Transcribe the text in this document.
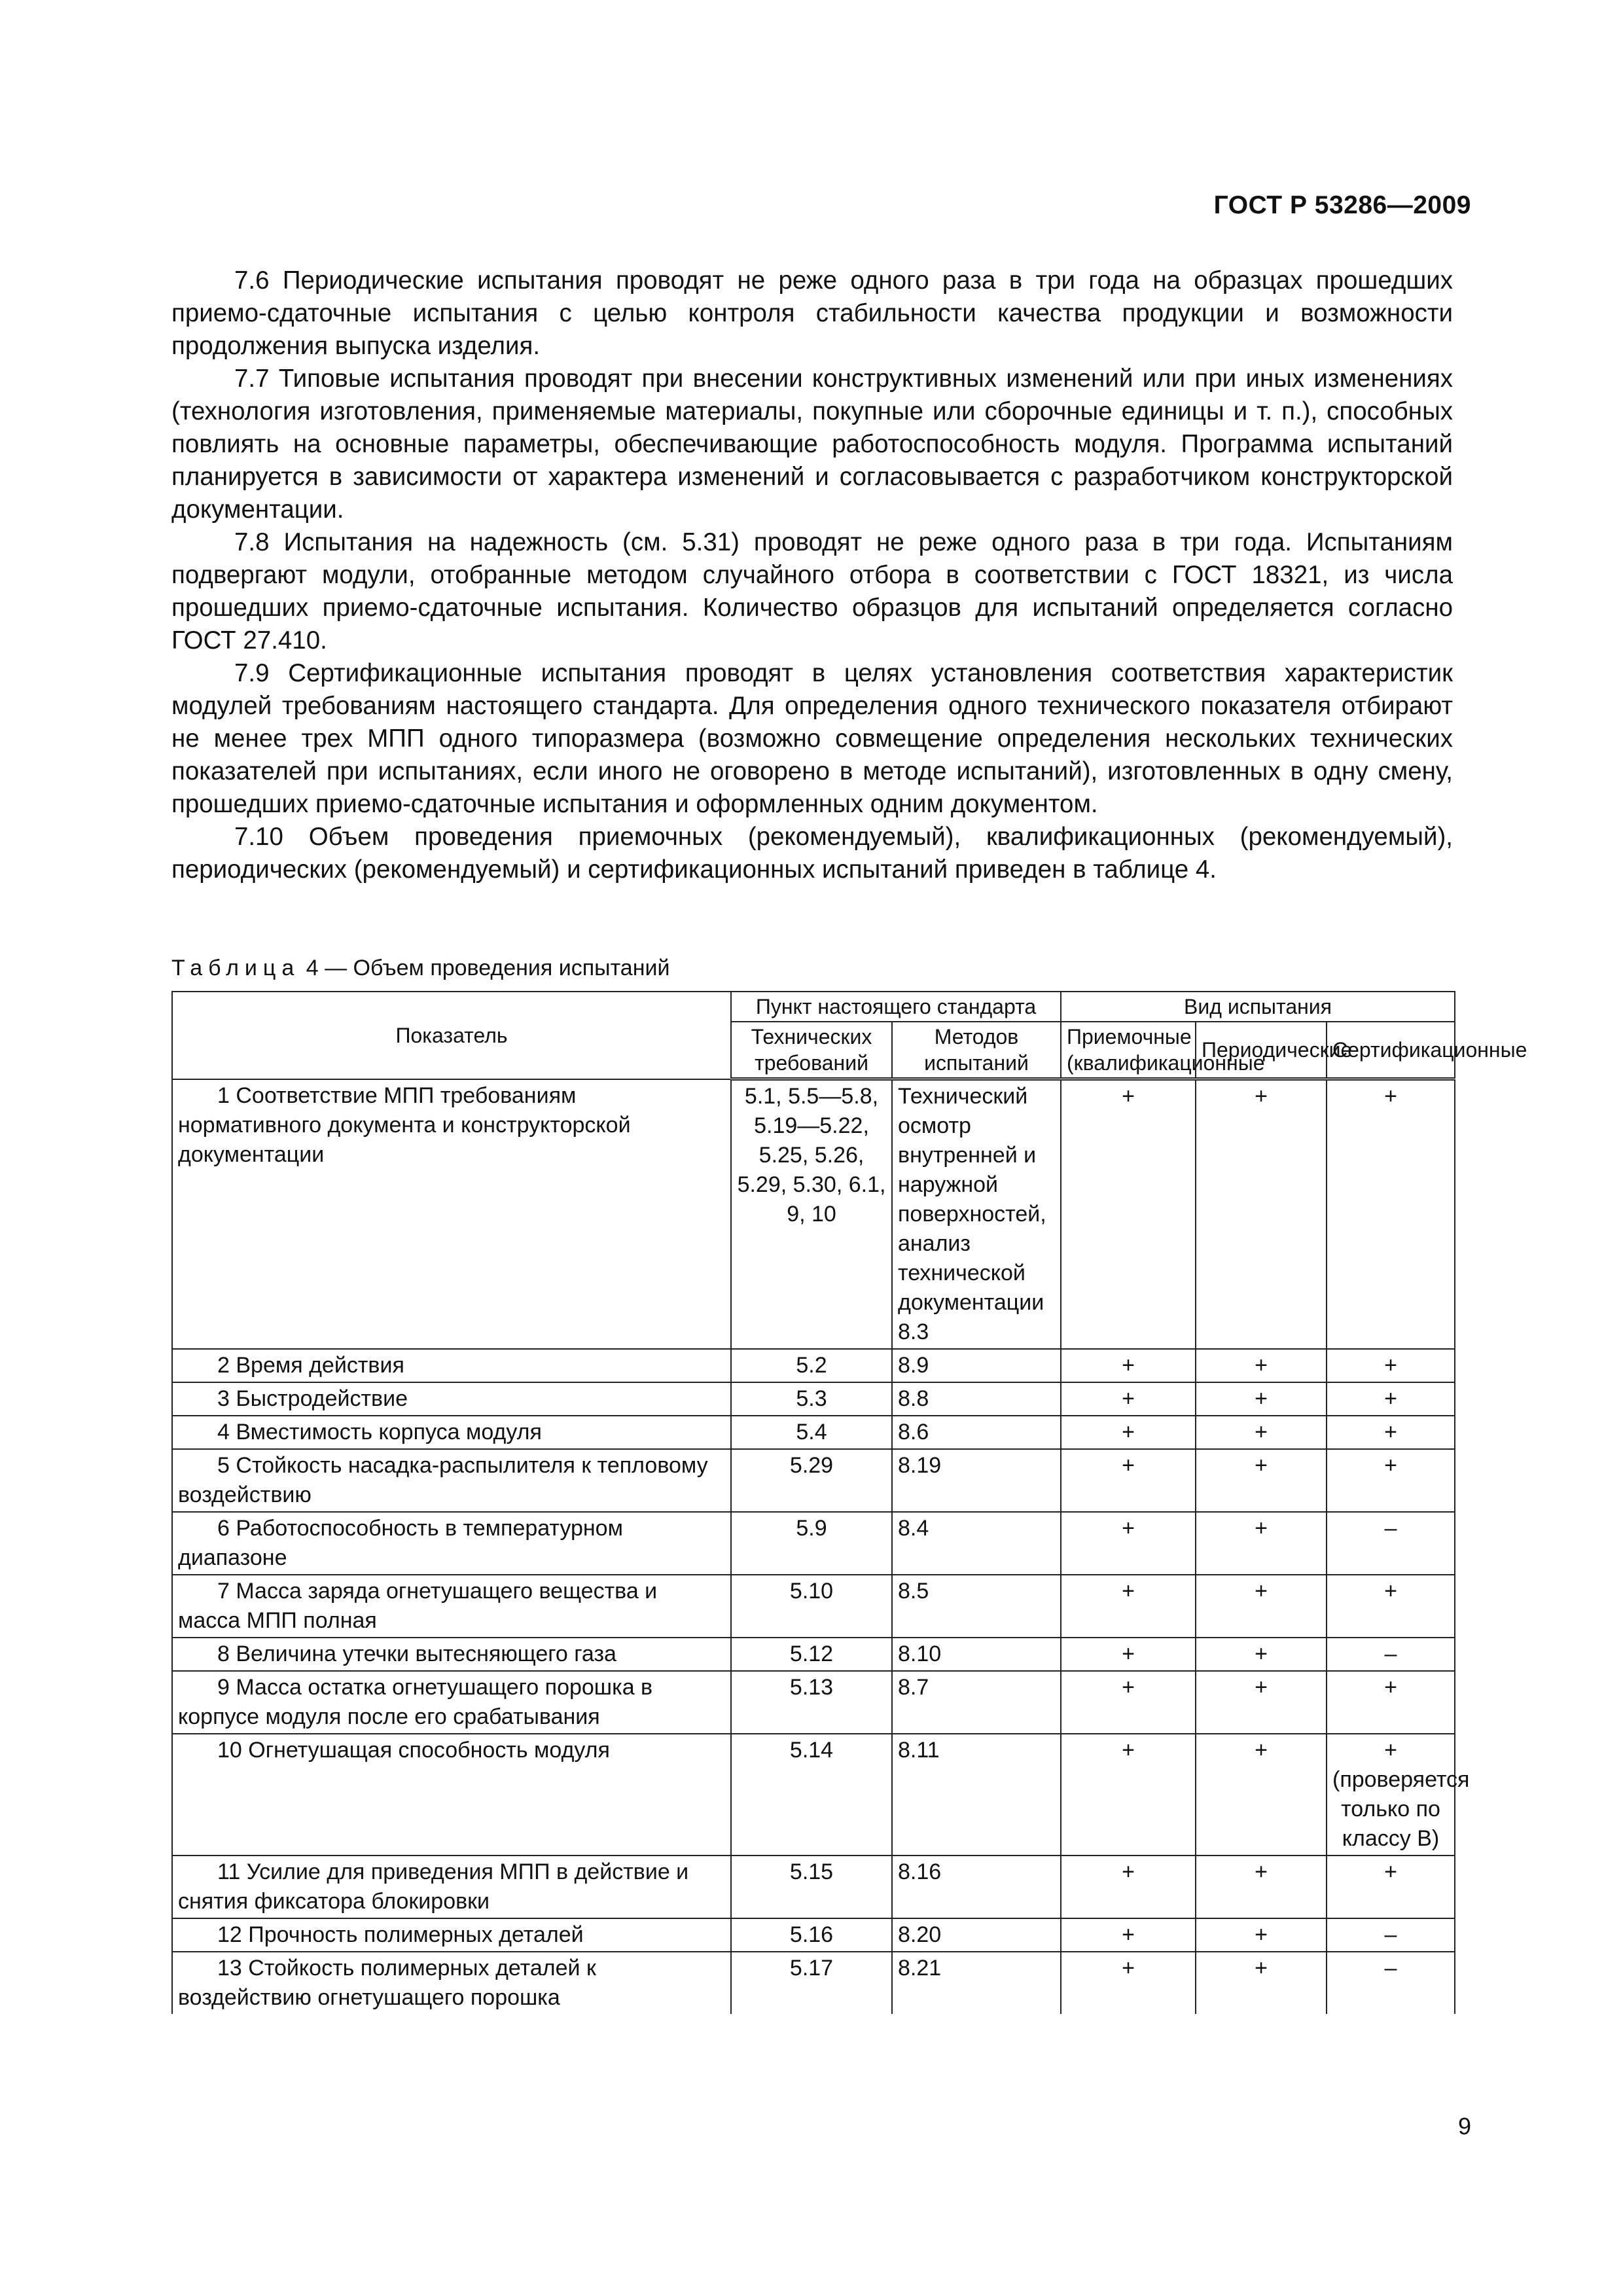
ГОСТ Р 53286—2009

7.6 Периодические испытания проводят не реже одного раза в три года на образцах прошедших приемо-сдаточные испытания с целью контроля стабильности качества продукции и возможности продолжения выпуска изделия.

7.7 Типовые испытания проводят при внесении конструктивных изменений или при иных изменениях (технология изготовления, применяемые материалы, покупные или сборочные единицы и т. п.), способных повлиять на основные параметры, обеспечивающие работоспособность модуля. Программа испытаний планируется в зависимости от характера изменений и согласовывается с разработчиком конструкторской документации.

7.8 Испытания на надежность (см. 5.31) проводят не реже одного раза в три года. Испытаниям подвергают модули, отобранные методом случайного отбора в соответствии с ГОСТ 18321, из числа прошедших приемо-сдаточные испытания. Количество образцов для испытаний определяется согласно ГОСТ 27.410.

7.9 Сертификационные испытания проводят в целях установления соответствия характеристик модулей требованиям настоящего стандарта. Для определения одного технического показателя отбирают не менее трех МПП одного типоразмера (возможно совмещение определения нескольких технических показателей при испытаниях, если иного не оговорено в методе испытаний), изготовленных в одну смену, прошедших приемо-сдаточные испытания и оформленных одним документом.

7.10 Объем проведения приемочных (рекомендуемый), квалификационных (рекомендуемый), периодических (рекомендуемый) и сертификационных испытаний приведен в таблице 4.

Таблица 4 — Объем проведения испытаний
Показатель	Пункт настоящего стандарта		Вид испытания		
	Технических требований	Методов испытаний	Приемочные (квалификационные	Периодические	Сертификационные
1 Соответствие МПП требованиям нормативного документа и конструкторской документации	5.1, 5.5—5.8, 5.19—5.22, 5.25, 5.26, 5.29, 5.30, 6.1, 9, 10	Технический осмотр внутренней и наружной поверхностей, анализ технической документации 8.3	+	+	+
2 Время действия	5.2	8.9	+	+	+
3 Быстродействие	5.3	8.8	+	+	+
4 Вместимость корпуса модуля	5.4	8.6	+	+	+
5 Стойкость насадка-распылителя к тепловому воздействию	5.29	8.19	+	+	+
6 Работоспособность в температурном диапазоне	5.9	8.4	+	+	–
7 Масса заряда огнетушащего вещества и масса МПП полная	5.10	8.5	+	+	+
8 Величина утечки вытесняющего газа	5.12	8.10	+	+	–
9 Масса остатка огнетушащего порошка в корпусе модуля после его срабатывания	5.13	8.7	+	+	+
10 Огнетушащая способность модуля	5.14	8.11	+	+	+ (проверяется только по классу В)
11 Усилие для приведения МПП в действие и снятия фиксатора блокировки	5.15	8.16	+	+	+
12 Прочность полимерных деталей	5.16	8.20	+	+	–
13 Стойкость полимерных деталей к воздействию огнетушащего порошка	5.17	8.21	+	+	–
9
